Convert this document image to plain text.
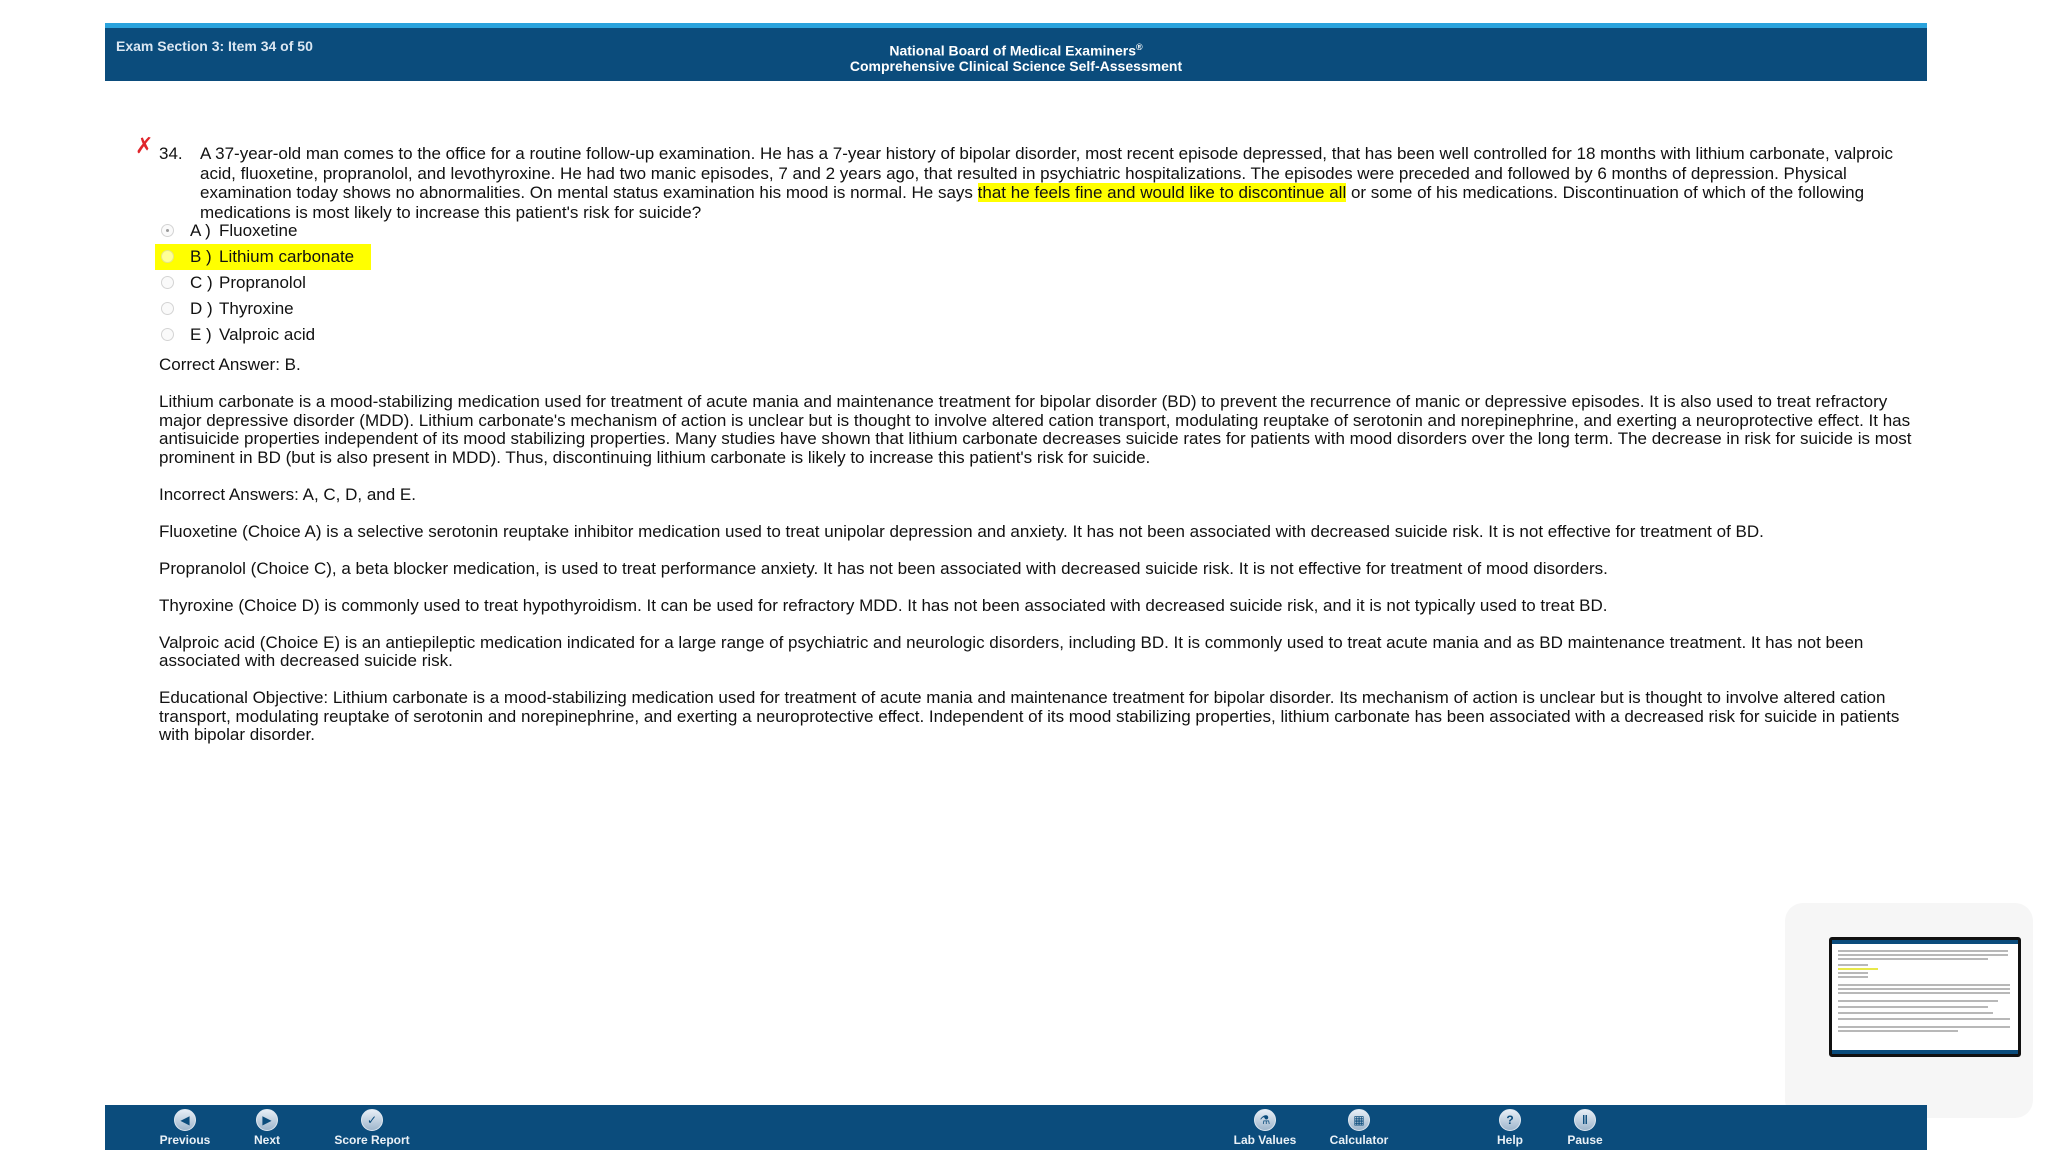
Exam Section 3: Item 34 of 50	National Board of Medical Examiners®
Comprehensive Clinical Science Self-Assessment
✗ 34. A 37-year-old man comes to the office for a routine follow-up examination. He has a 7-year history of bipolar disorder, most recent episode depressed, that has been well controlled for 18 months with lithium carbonate, valproic acid, fluoxetine, propranolol, and levothyroxine. He had two manic episodes, 7 and 2 years ago, that resulted in psychiatric hospitalizations. The episodes were preceded and followed by 6 months of depression. Physical examination today shows no abnormalities. On mental status examination his mood is normal. He says that he feels fine and would like to discontinue all or some of his medications. Discontinuation of which of the following medications is most likely to increase this patient's risk for suicide?
A ) Fluoxetine
B ) Lithium carbonate
C ) Propranolol
D ) Thyroxine
E ) Valproic acid

Correct Answer: B.

Lithium carbonate is a mood-stabilizing medication used for treatment of acute mania and maintenance treatment for bipolar disorder (BD) to prevent the recurrence of manic or depressive episodes. It is also used to treat refractory major depressive disorder (MDD). Lithium carbonate's mechanism of action is unclear but is thought to involve altered cation transport, modulating reuptake of serotonin and norepinephrine, and exerting a neuroprotective effect. It has antisuicide properties independent of its mood stabilizing properties. Many studies have shown that lithium carbonate decreases suicide rates for patients with mood disorders over the long term. The decrease in risk for suicide is most prominent in BD (but is also present in MDD). Thus, discontinuing lithium carbonate is likely to increase this patient's risk for suicide.

Incorrect Answers: A, C, D, and E.

Fluoxetine (Choice A) is a selective serotonin reuptake inhibitor medication used to treat unipolar depression and anxiety. It has not been associated with decreased suicide risk. It is not effective for treatment of BD.

Propranolol (Choice C), a beta blocker medication, is used to treat performance anxiety. It has not been associated with decreased suicide risk. It is not effective for treatment of mood disorders.

Thyroxine (Choice D) is commonly used to treat hypothyroidism. It can be used for refractory MDD. It has not been associated with decreased suicide risk, and it is not typically used to treat BD.

Valproic acid (Choice E) is an antiepileptic medication indicated for a large range of psychiatric and neurologic disorders, including BD. It is commonly used to treat acute mania and as BD maintenance treatment. It has not been associated with decreased suicide risk.

Educational Objective: Lithium carbonate is a mood-stabilizing medication used for treatment of acute mania and maintenance treatment for bipolar disorder. Its mechanism of action is unclear but is thought to involve altered cation transport, modulating reuptake of serotonin and norepinephrine, and exerting a neuroprotective effect. Independent of its mood stabilizing properties, lithium carbonate has been associated with a decreased risk for suicide in patients with bipolar disorder.

◀
Previous
▶
Next
✓
Score Report
⚗
Lab Values
▦
Calculator
?
Help
‖
Pause
